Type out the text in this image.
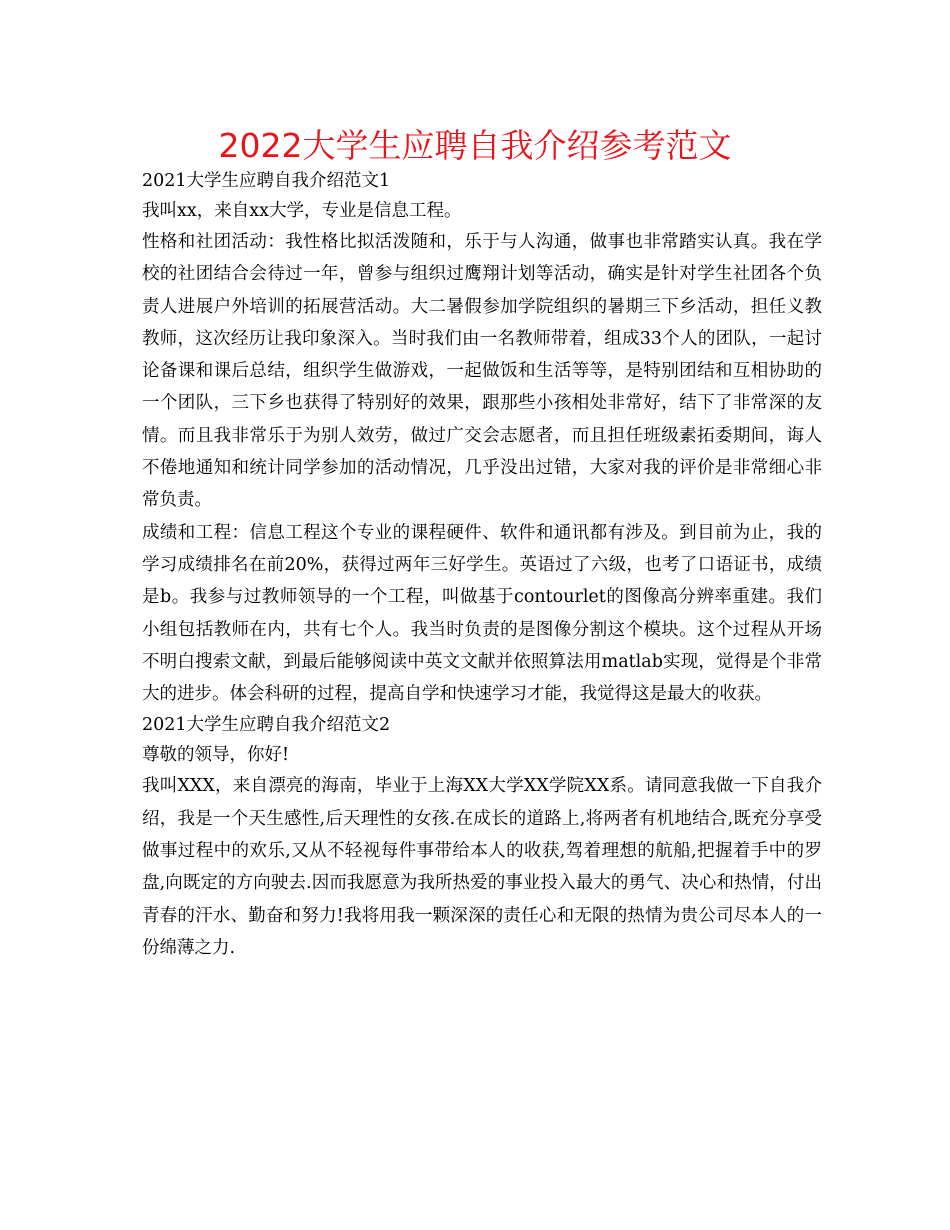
2022大学生应聘自我介绍参考范文

2021大学生应聘自我介绍范文1

我叫xx，来自xx大学，专业是信息工程。

性格和社团活动：我性格比拟活泼随和，乐于与人沟通，做事也非常踏实认真。我在学校的社团结合会待过一年，曾参与组织过鹰翔计划等活动，确实是针对学生社团各个负责人进展户外培训的拓展营活动。大二暑假参加学院组织的暑期三下乡活动，担任义教教师，这次经历让我印象深入。当时我们由一名教师带着，组成33个人的团队，一起讨论备课和课后总结，组织学生做游戏，一起做饭和生活等等，是特别团结和互相协助的一个团队，三下乡也获得了特别好的效果，跟那些小孩相处非常好，结下了非常深的友情。而且我非常乐于为别人效劳，做过广交会志愿者，而且担任班级素拓委期间，诲人不倦地通知和统计同学参加的活动情况，几乎没出过错，大家对我的评价是非常细心非常负责。

成绩和工程：信息工程这个专业的课程硬件、软件和通讯都有涉及。到目前为止，我的学习成绩排名在前20%，获得过两年三好学生。英语过了六级，也考了口语证书，成绩是b。我参与过教师领导的一个工程，叫做基于contourlet的图像高分辨率重建。我们小组包括教师在内，共有七个人。我当时负责的是图像分割这个模块。这个过程从开场不明白搜索文献，到最后能够阅读中英文文献并依照算法用matlab实现，觉得是个非常大的进步。体会科研的过程，提高自学和快速学习才能，我觉得这是最大的收获。

2021大学生应聘自我介绍范文2

尊敬的领导，你好!

我叫XXX，来自漂亮的海南，毕业于上海XX大学XX学院XX系。请同意我做一下自我介绍，我是一个天生感性,后天理性的女孩.在成长的道路上,将两者有机地结合,既充分享受做事过程中的欢乐,又从不轻视每件事带给本人的收获,驾着理想的航船,把握着手中的罗盘,向既定的方向驶去.因而我愿意为我所热爱的事业投入最大的勇气、决心和热情，付出青春的汗水、勤奋和努力!我将用我一颗深深的责任心和无限的热情为贵公司尽本人的一份绵薄之力.
